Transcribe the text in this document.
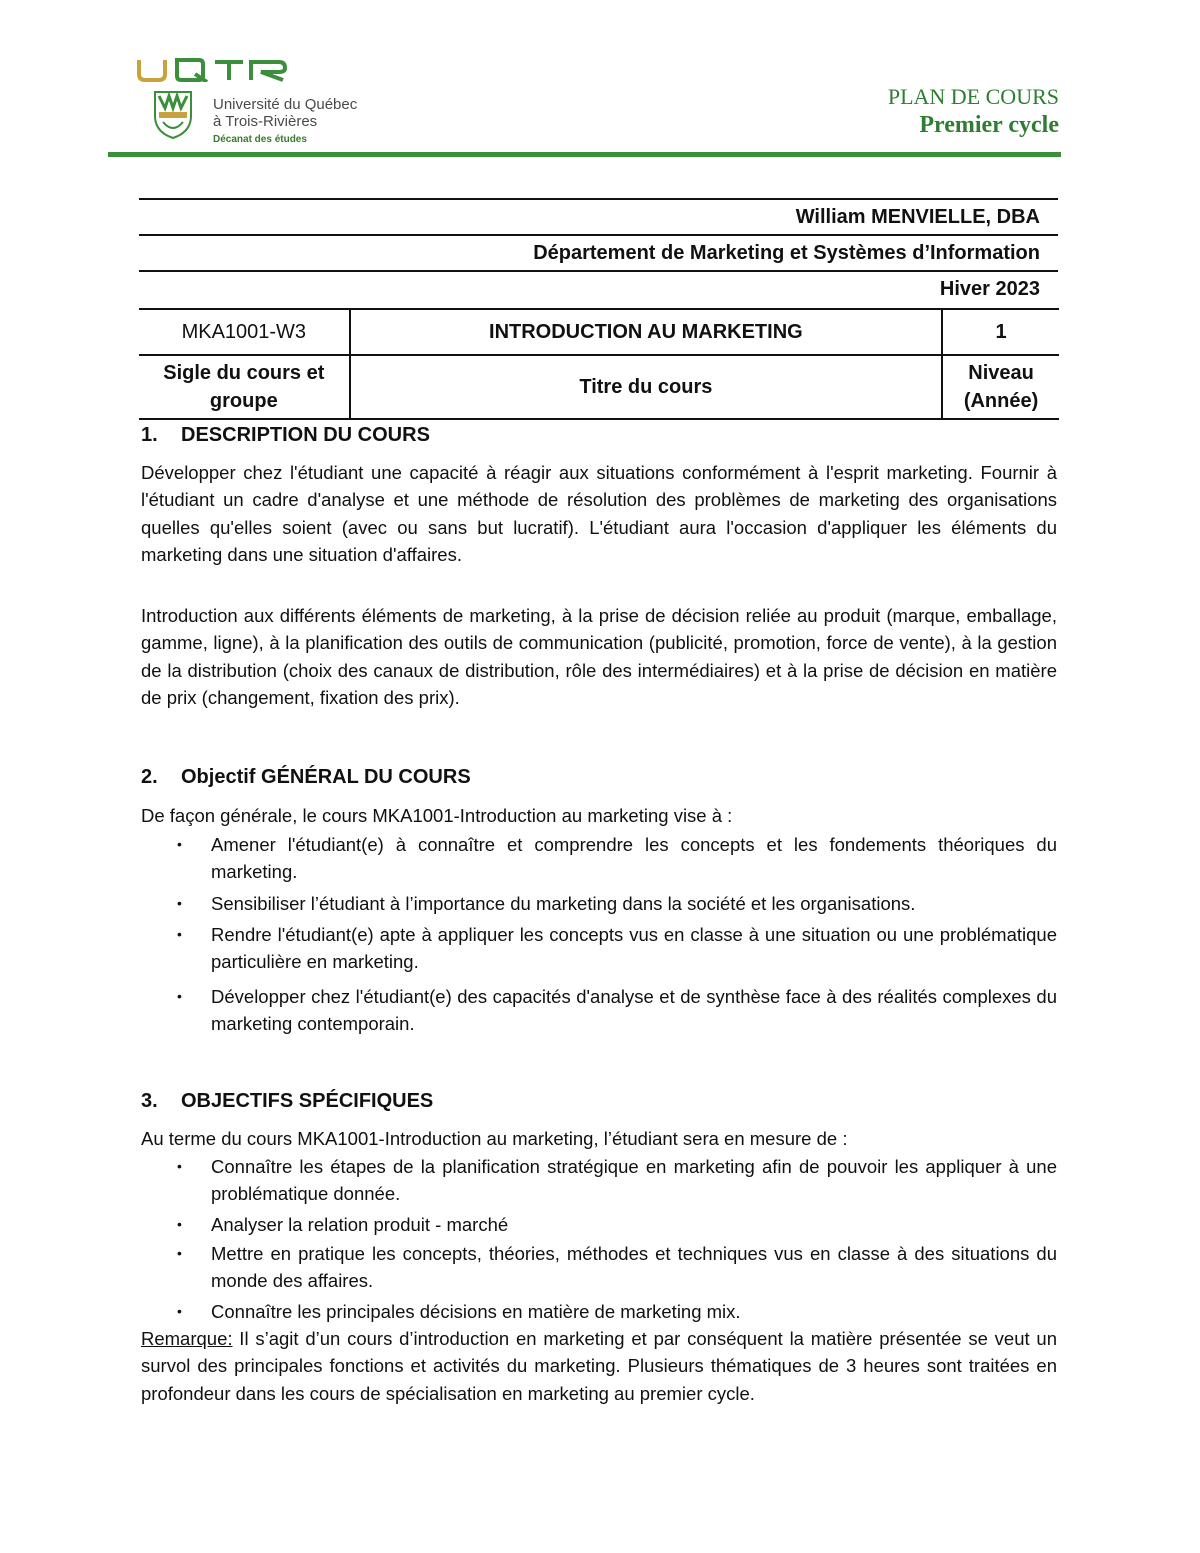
Université du Québec
à Trois-Rivières
Décanat des études
PLAN DE COURS
Premier cycle
William MENVIELLE, DBA
Département de Marketing et Systèmes d’Information
Hiver 2023
MKA1001-W3	INTRODUCTION AU MARKETING	1
Sigle du cours et groupe	Titre du cours	Niveau (Année)
1. DESCRIPTION DU COURS

Développer chez l'étudiant une capacité à réagir aux situations conformément à l'esprit marketing. Fournir à l'étudiant un cadre d'analyse et une méthode de résolution des problèmes de marketing des organisations quelles qu'elles soient (avec ou sans but lucratif). L'étudiant aura l'occasion d'appliquer les éléments du marketing dans une situation d'affaires.

Introduction aux différents éléments de marketing, à la prise de décision reliée au produit (marque, emballage, gamme, ligne), à la planification des outils de communication (publicité, promotion, force de vente), à la gestion de la distribution (choix des canaux de distribution, rôle des intermédiaires) et à la prise de décision en matière de prix (changement, fixation des prix).

2. Objectif GÉNÉRAL DU COURS

De façon générale, le cours MKA1001-Introduction au marketing vise à :

• Amener l'étudiant(e) à connaître et comprendre les concepts et les fondements théoriques du marketing.
• Sensibiliser l’étudiant à l’importance du marketing dans la société et les organisations.
• Rendre l'étudiant(e) apte à appliquer les concepts vus en classe à une situation ou une problématique particulière en marketing.
• Développer chez l'étudiant(e) des capacités d'analyse et de synthèse face à des réalités complexes du marketing contemporain.
3. OBJECTIFS SPÉCIFIQUES

Au terme du cours MKA1001-Introduction au marketing, l’étudiant sera en mesure de :

• Connaître les étapes de la planification stratégique en marketing afin de pouvoir les appliquer à une problématique donnée.
• Analyser la relation produit - marché
• Mettre en pratique les concepts, théories, méthodes et techniques vus en classe à des situations du monde des affaires.
• Connaître les principales décisions en matière de marketing mix.

Remarque: Il s’agit d’un cours d’introduction en marketing et par conséquent la matière présentée se veut un survol des principales fonctions et activités du marketing. Plusieurs thématiques de 3 heures sont traitées en profondeur dans les cours de spécialisation en marketing au premier cycle.
